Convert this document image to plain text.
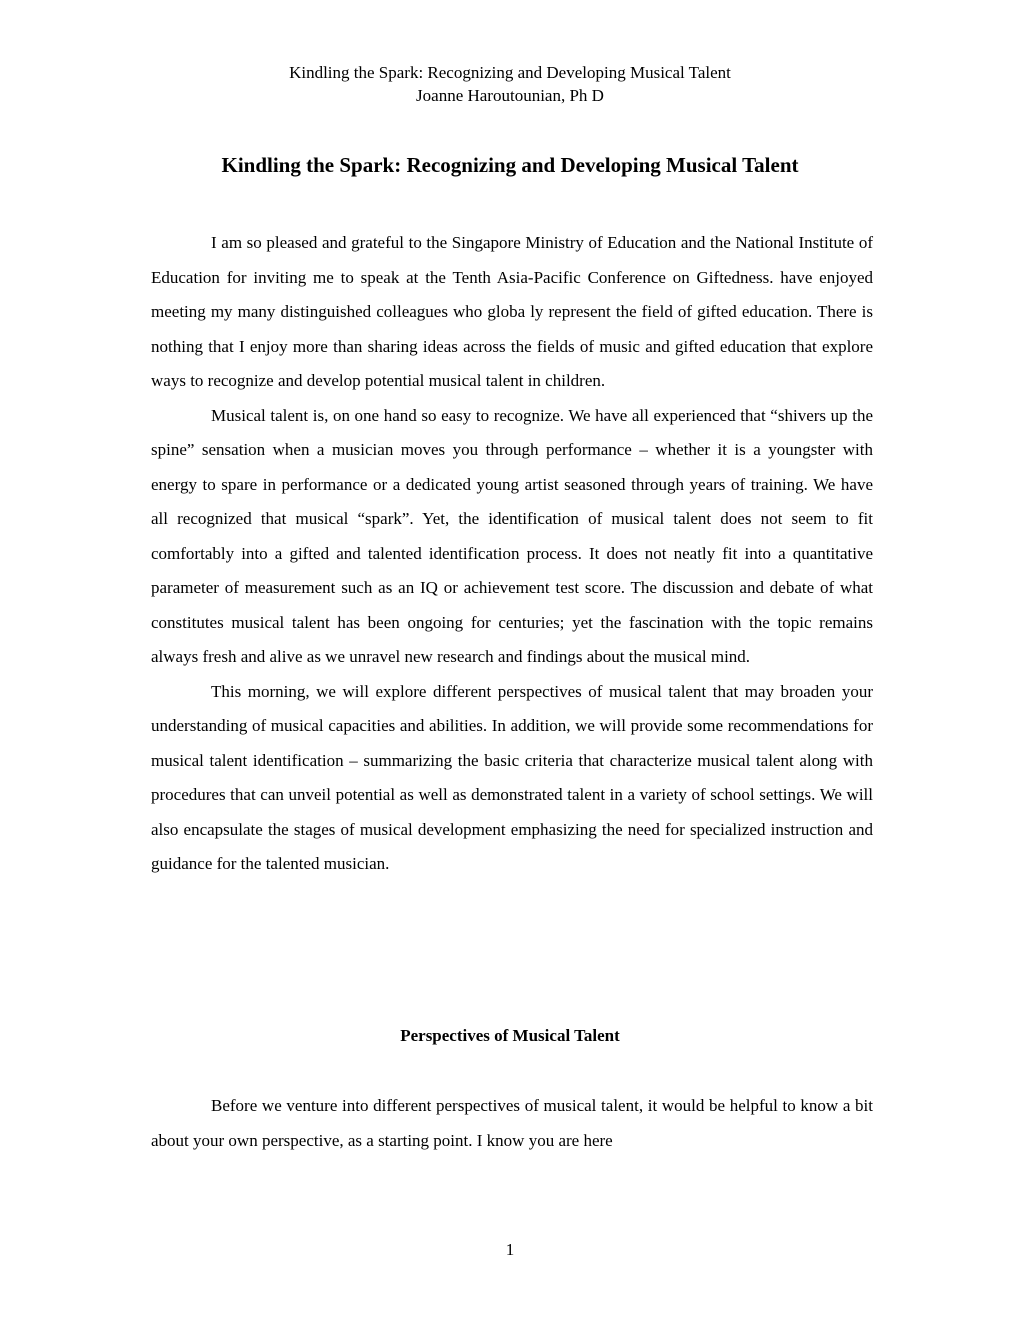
Kindling the Spark: Recognizing and Developing Musical Talent
Joanne Haroutounian, Ph D
Kindling the Spark: Recognizing and Developing Musical Talent

I am so pleased and grateful to the Singapore Ministry of Education and the National Institute of Education for inviting me to speak at the Tenth Asia-Pacific Conference on Giftedness. have enjoyed meeting my many distinguished colleagues who globa ly represent the field of gifted education. There is nothing that I enjoy more than sharing ideas across the fields of music and gifted education that explore ways to recognize and develop potential musical talent in children.

Musical talent is, on one hand so easy to recognize. We have all experienced that “shivers up the spine” sensation when a musician moves you through performance – whether it is a youngster with energy to spare in performance or a dedicated young artist seasoned through years of training. We have all recognized that musical “spark”. Yet, the identification of musical talent does not seem to fit comfortably into a gifted and talented identification process. It does not neatly fit into a quantitative parameter of measurement such as an IQ or achievement test score. The discussion and debate of what constitutes musical talent has been ongoing for centuries; yet the fascination with the topic remains always fresh and alive as we unravel new research and findings about the musical mind.

This morning, we will explore different perspectives of musical talent that may broaden your understanding of musical capacities and abilities. In addition, we will provide some recommendations for musical talent identification – summarizing the basic criteria that characterize musical talent along with procedures that can unveil potential as well as demonstrated talent in a variety of school settings. We will also encapsulate the stages of musical development emphasizing the need for specialized instruction and guidance for the talented musician.

Perspectives of Musical Talent

Before we venture into different perspectives of musical talent, it would be helpful to know a bit about your own perspective, as a starting point. I know you are here

1
